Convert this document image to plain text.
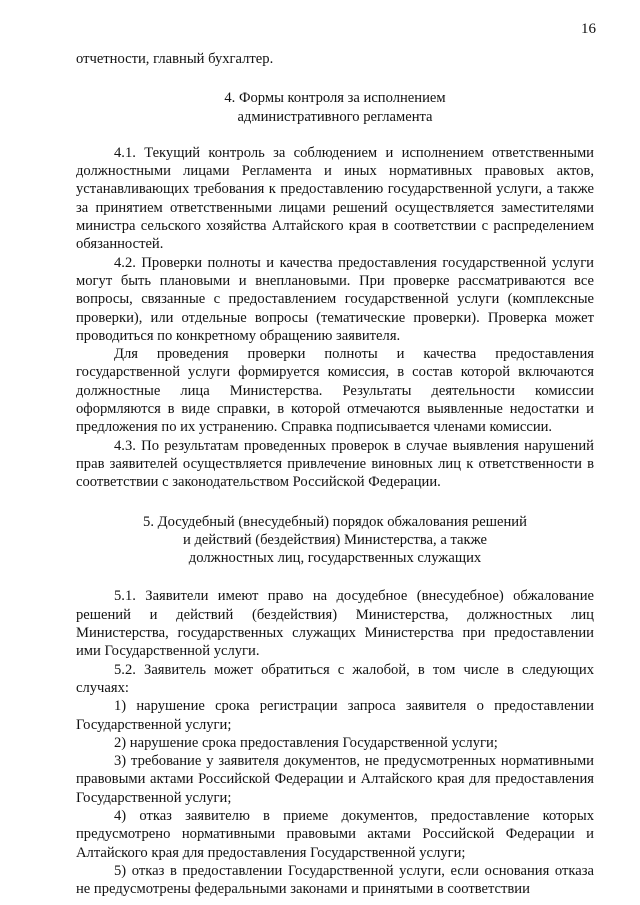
16

отчетности, главный бухгалтер.

4. Формы контроля за исполнением
административного регламента

4.1. Текущий контроль за соблюдением и исполнением ответственными должностными лицами Регламента и иных нормативных правовых актов, устанавливающих требования к предоставлению государственной услуги, а также за принятием ответственными лицами решений осуществляется заместителями министра сельского хозяйства Алтайского края в соответствии с распределением обязанностей.

4.2. Проверки полноты и качества предоставления государственной услуги могут быть плановыми и внеплановыми. При проверке рассматриваются все вопросы, связанные с предоставлением государственной услуги (комплексные проверки), или отдельные вопросы (тематические проверки). Проверка может проводиться по конкретному обращению заявителя.

Для проведения проверки полноты и качества предоставления государственной услуги формируется комиссия, в состав которой включаются должностные лица Министерства. Результаты деятельности комиссии оформляются в виде справки, в которой отмечаются выявленные недостатки и предложения по их устранению. Справка подписывается членами комиссии.

4.3. По результатам проведенных проверок в случае выявления нарушений прав заявителей осуществляется привлечение виновных лиц к ответственности в соответствии с законодательством Российской Федерации.

5. Досудебный (внесудебный) порядок обжалования решений
и действий (бездействия) Министерства, а также
должностных лиц, государственных служащих

5.1. Заявители имеют право на досудебное (внесудебное) обжалование решений и действий (бездействия) Министерства, должностных лиц Министерства, государственных служащих Министерства при предоставлении ими Государственной услуги.

5.2. Заявитель может обратиться с жалобой, в том числе в следующих случаях:

1) нарушение срока регистрации запроса заявителя о предоставлении Государственной услуги;

2) нарушение срока предоставления Государственной услуги;

3) требование у заявителя документов, не предусмотренных нормативными правовыми актами Российской Федерации и Алтайского края для предоставления Государственной услуги;

4) отказ заявителю в приеме документов, предоставление которых предусмотрено нормативными правовыми актами Российской Федерации и Алтайского края для предоставления Государственной услуги;

5) отказ в предоставлении Государственной услуги, если основания отказа не предусмотрены федеральными законами и принятыми в соответствии
